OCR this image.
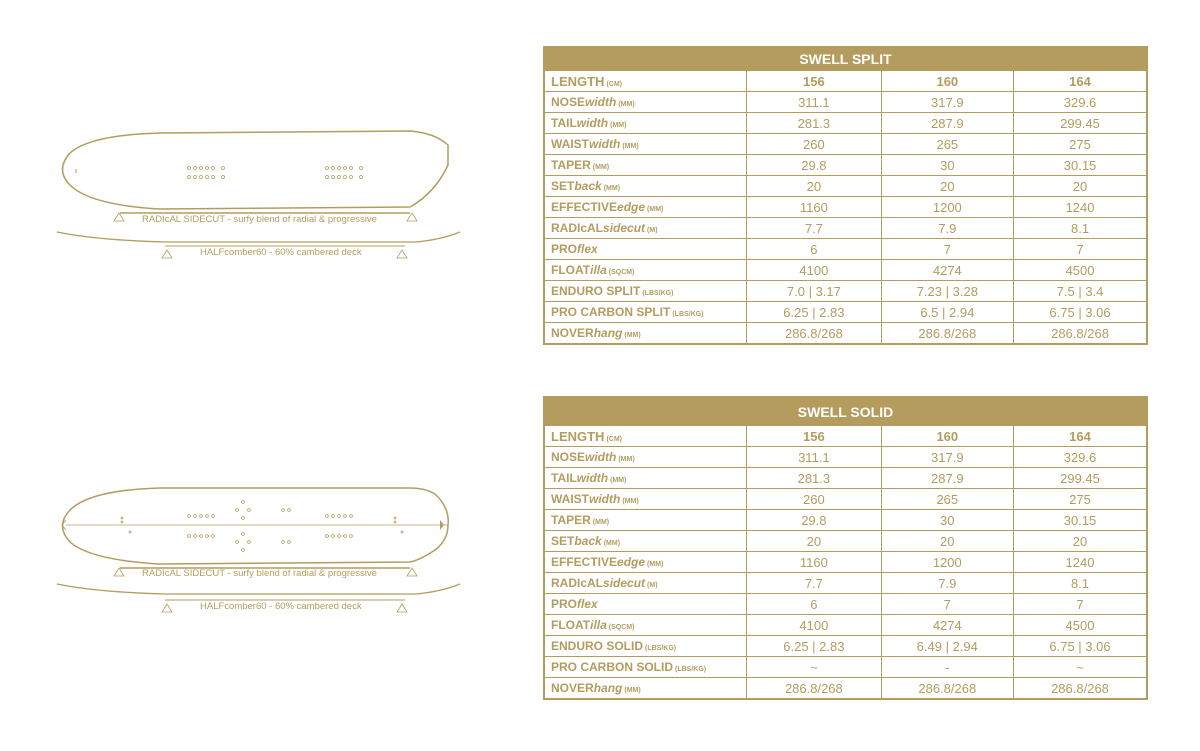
RADIcAL SIDECUT - surfy blend of radial & progressive
HALFcomber60 - 60% cambered deck
RADIcAL SIDECUT - surfy blend of radial & progressive
HALFcomber60 - 60% cambered deck
SWELL SPLIT			
LENGTH (CM)	156	160	164
NOSEwidth (MM)	311.1	317.9	329.6
TAILwidth (MM)	281.3	287.9	299.45
WAISTwidth (MM)	260	265	275
TAPER (MM)	29.8	30	30.15
SETback (MM)	20	20	20
EFFECTIVEedge (MM)	1160	1200	1240
RADIcALsidecut (M)	7.7	7.9	8.1
PROflex	6	7	7
FLOATilla (SQCM)	4100	4274	4500
ENDURO SPLIT (LBS/KG)	7.0 | 3.17	7.23 | 3.28	7.5 | 3.4
PRO CARBON SPLIT (LBS/KG)	6.25 | 2.83	6.5 | 2.94	6.75 | 3.06
NOVERhang (MM)	286.8/268	286.8/268	286.8/268
SWELL SOLID			
LENGTH (CM)	156	160	164
NOSEwidth (MM)	311.1	317.9	329.6
TAILwidth (MM)	281.3	287.9	299.45
WAISTwidth (MM)	260	265	275
TAPER (MM)	29.8	30	30.15
SETback (MM)	20	20	20
EFFECTIVEedge (MM)	1160	1200	1240
RADIcALsidecut (M)	7.7	7.9	8.1
PROflex	6	7	7
FLOATilla (SQCM)	4100	4274	4500
ENDURO SOLID (LBS/KG)	6.25 | 2.83	6.49 | 2.94	6.75 | 3.06
PRO CARBON SOLID (LBS/KG)	~	-	~
NOVERhang (MM)	286.8/268	286.8/268	286.8/268
